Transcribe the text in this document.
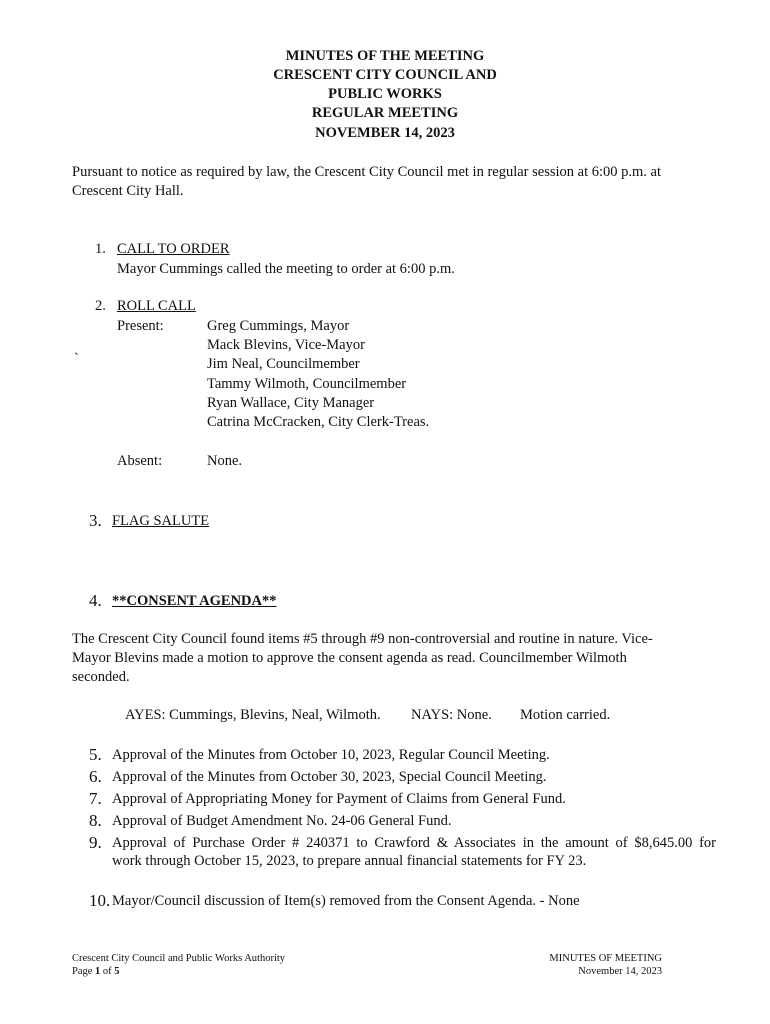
MINUTES OF THE MEETING
CRESCENT CITY COUNCIL AND
PUBLIC WORKS
REGULAR MEETING
NOVEMBER 14, 2023
Pursuant to notice as required by law, the Crescent City Council met in regular session at 6:00 p.m. at
Crescent City Hall.
1. CALL TO ORDER
Mayor Cummings called the meeting to order at 6:00 p.m.
2. ROLL CALL
Present:	Greg Cummings, Mayor
Mack Blevins, Vice-Mayor
`	Jim Neal, Councilmember
Tammy Wilmoth, Councilmember
Ryan Wallace, City Manager
Catrina McCracken, City Clerk-Treas.
Absent:	None.
3. FLAG SALUTE
4. **CONSENT AGENDA**
The Crescent City Council found items #5 through #9 non-controversial and routine in nature. Vice-
Mayor Blevins made a motion to approve the consent agenda as read. Councilmember Wilmoth
seconded.
AYES: Cummings, Blevins, Neal, Wilmoth. NAYS: None. Motion carried.
5. Approval of the Minutes from October 10, 2023, Regular Council Meeting.
6. Approval of the Minutes from October 30, 2023, Special Council Meeting.
7. Approval of Appropriating Money for Payment of Claims from General Fund.
8. Approval of Budget Amendment No. 24-06 General Fund.
9. Approval of Purchase Order # 240371 to Crawford & Associates in the amount of $8,645.00 for
work through October 15, 2023, to prepare annual financial statements for FY 23.
10. Mayor/Council discussion of Item(s) removed from the Consent Agenda. - None
Crescent City Council and Public Works Authority
Page 1 of 5
MINUTES OF MEETING
November 14, 2023
